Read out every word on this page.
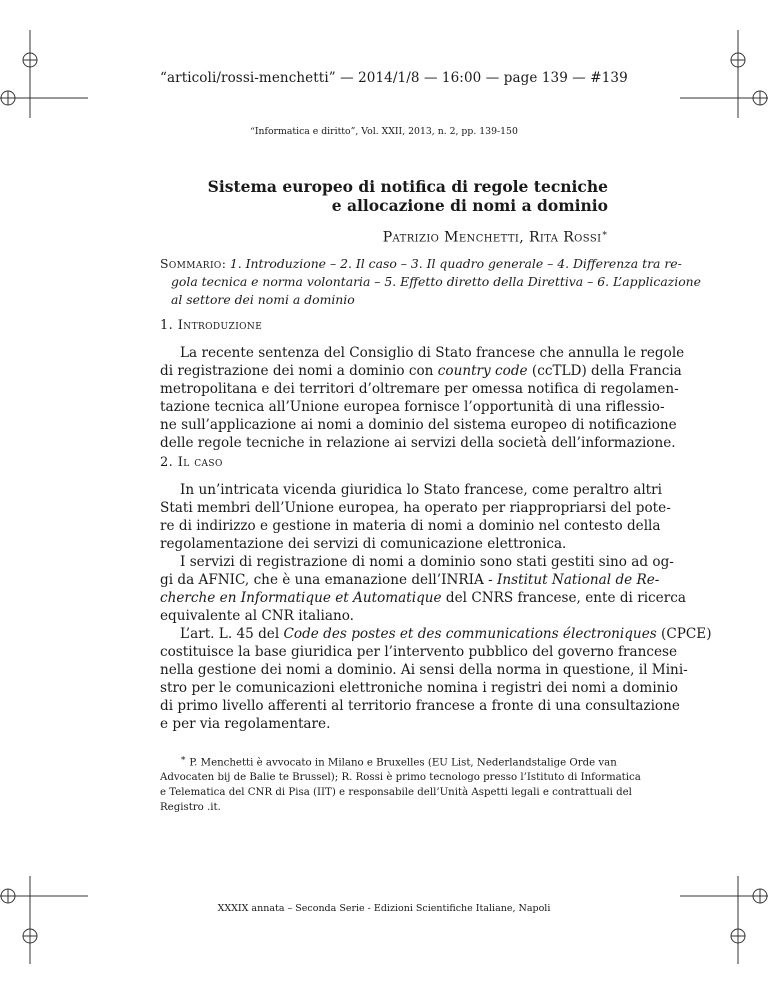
“articoli/rossi-menchetti” — 2014/1/8 — 16:00 — page 139 — #139
“Informatica e diritto”, Vol. XXII, 2013, n. 2, pp. 139-150
Sistema europeo di notifica di regole tecniche
e allocazione di nomi a dominio
Patrizio Menchetti, Rita Rossi∗
Sommario: 1. Introduzione – 2. Il caso – 3. Il quadro generale – 4. Differenza tra re-
gola tecnica e norma volontaria – 5. Effetto diretto della Direttiva – 6. L’applicazione
al settore dei nomi a dominio
1. Introduzione
La recente sentenza del Consiglio di Stato francese che annulla le regole
di registrazione dei nomi a dominio con country code (ccTLD) della Francia
metropolitana e dei territori d’oltremare per omessa notifica di regolamen-
tazione tecnica all’Unione europea fornisce l’opportunità di una riflessio-
ne sull’applicazione ai nomi a dominio del sistema europeo di notificazione
delle regole tecniche in relazione ai servizi della società dell’informazione.
2. Il caso
In un’intricata vicenda giuridica lo Stato francese, come peraltro altri
Stati membri dell’Unione europea, ha operato per riappropriarsi del pote-
re di indirizzo e gestione in materia di nomi a dominio nel contesto della
regolamentazione dei servizi di comunicazione elettronica.
I servizi di registrazione di nomi a dominio sono stati gestiti sino ad og-
gi da AFNIC, che è una emanazione dell’INRIA - Institut National de Re-
cherche en Informatique et Automatique del CNRS francese, ente di ricerca
equivalente al CNR italiano.
L’art. L. 45 del Code des postes et des communications électroniques (CPCE)
costituisce la base giuridica per l’intervento pubblico del governo francese
nella gestione dei nomi a dominio. Ai sensi della norma in questione, il Mini-
stro per le comunicazioni elettroniche nomina i registri dei nomi a dominio
di primo livello afferenti al territorio francese a fronte di una consultazione
e per via regolamentare.
∗ P. Menchetti è avvocato in Milano e Bruxelles (EU List, Nederlandstalige Orde van
Advocaten bij de Balie te Brussel); R. Rossi è primo tecnologo presso l’Istituto di Informatica
e Telematica del CNR di Pisa (IIT) e responsabile dell’Unità Aspetti legali e contrattuali del
Registro .it.
XXXIX annata – Seconda Serie - Edizioni Scientifiche Italiane, Napoli
